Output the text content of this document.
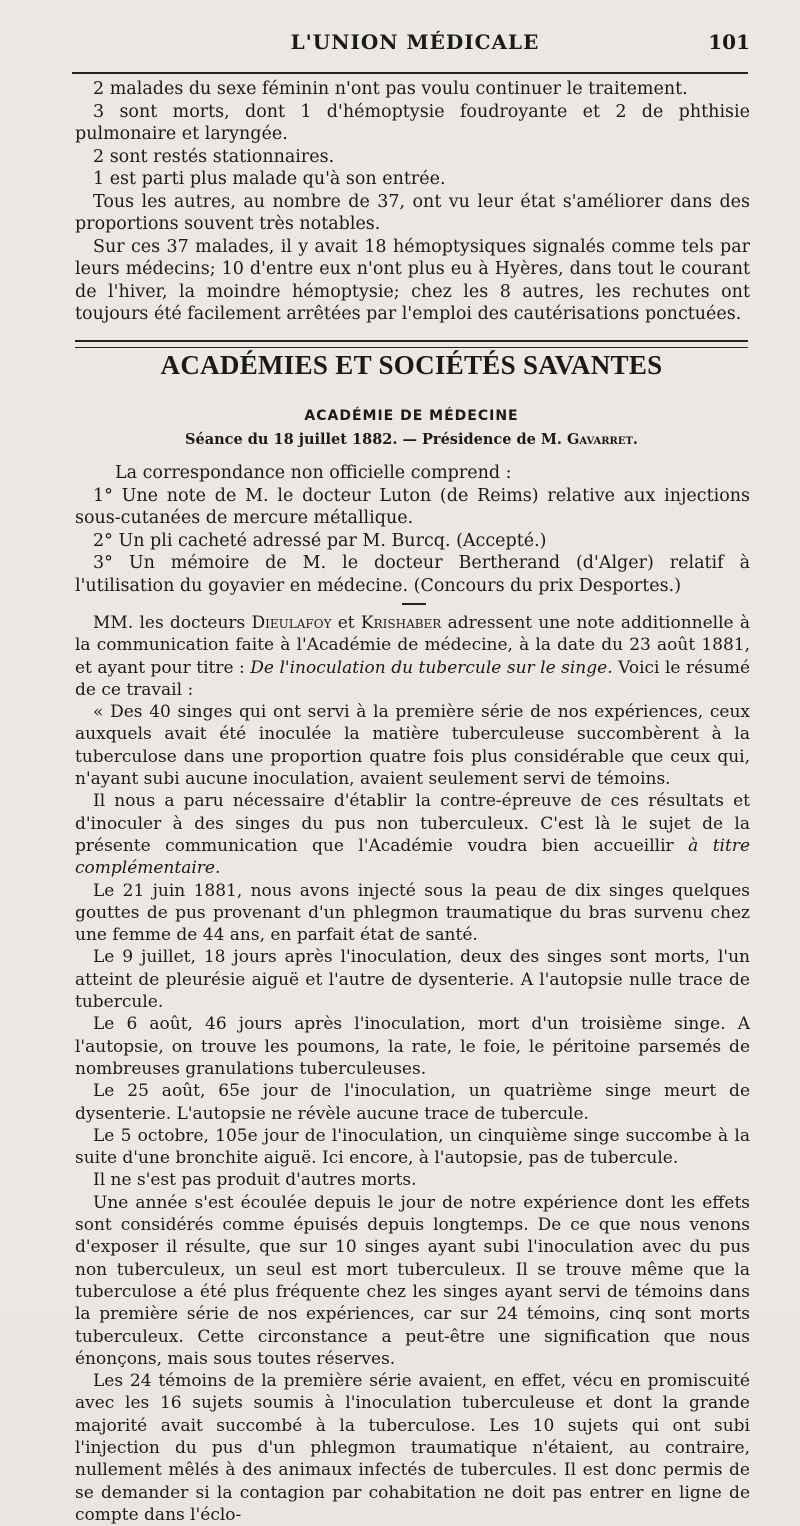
L'UNION MÉDICALE	101

2 malades du sexe féminin n'ont pas voulu continuer le traitement.

3 sont morts, dont 1 d'hémoptysie foudroyante et 2 de phthisie pulmonaire et laryngée.

2 sont restés stationnaires.

1 est parti plus malade qu'à son entrée.

Tous les autres, au nombre de 37, ont vu leur état s'améliorer dans des proportions souvent très notables.

Sur ces 37 malades, il y avait 18 hémoptysiques signalés comme tels par leurs médecins; 10 d'entre eux n'ont plus eu à Hyères, dans tout le courant de l'hiver, la moindre hémoptysie; chez les 8 autres, les rechutes ont toujours été facilement arrêtées par l'emploi des cautérisations ponctuées.

ACADÉMIES ET SOCIÉTÉS SAVANTES
ACADÉMIE DE MÉDECINE
Séance du 18 juillet 1882. — Présidence de M. Gavarret.

La correspondance non officielle comprend :

1° Une note de M. le docteur Luton (de Reims) relative aux injections sous-cutanées de mercure métallique.

2° Un pli cacheté adressé par M. Burcq. (Accepté.)

3° Un mémoire de M. le docteur Bertherand (d'Alger) relatif à l'utilisation du goyavier en médecine. (Concours du prix Desportes.)

MM. les docteurs Dieulafoy et Krishaber adressent une note additionnelle à la communication faite à l'Académie de médecine, à la date du 23 août 1881, et ayant pour titre : De l'inoculation du tubercule sur le singe. Voici le résumé de ce travail :

« Des 40 singes qui ont servi à la première série de nos expériences, ceux auxquels avait été inoculée la matière tuberculeuse succombèrent à la tuberculose dans une proportion quatre fois plus considérable que ceux qui, n'ayant subi aucune inoculation, avaient seulement servi de témoins.

Il nous a paru nécessaire d'établir la contre-épreuve de ces résultats et d'inoculer à des singes du pus non tuberculeux. C'est là le sujet de la présente communication que l'Académie voudra bien accueillir à titre complémentaire.

Le 21 juin 1881, nous avons injecté sous la peau de dix singes quelques gouttes de pus provenant d'un phlegmon traumatique du bras survenu chez une femme de 44 ans, en parfait état de santé.

Le 9 juillet, 18 jours après l'inoculation, deux des singes sont morts, l'un atteint de pleurésie aiguë et l'autre de dysenterie. A l'autopsie nulle trace de tubercule.

Le 6 août, 46 jours après l'inoculation, mort d'un troisième singe. A l'autopsie, on trouve les poumons, la rate, le foie, le péritoine parsemés de nombreuses granulations tuberculeuses.

Le 25 août, 65e jour de l'inoculation, un quatrième singe meurt de dysenterie. L'autopsie ne révèle aucune trace de tubercule.

Le 5 octobre, 105e jour de l'inoculation, un cinquième singe succombe à la suite d'une bronchite aiguë. Ici encore, à l'autopsie, pas de tubercule.

Il ne s'est pas produit d'autres morts.

Une année s'est écoulée depuis le jour de notre expérience dont les effets sont considérés comme épuisés depuis longtemps. De ce que nous venons d'exposer il résulte, que sur 10 singes ayant subi l'inoculation avec du pus non tuberculeux, un seul est mort tuberculeux. Il se trouve même que la tuberculose a été plus fréquente chez les singes ayant servi de témoins dans la première série de nos expériences, car sur 24 témoins, cinq sont morts tuberculeux. Cette circonstance a peut-être une signification que nous énonçons, mais sous toutes réserves.

Les 24 témoins de la première série avaient, en effet, vécu en promiscuité avec les 16 sujets soumis à l'inoculation tuberculeuse et dont la grande majorité avait succombé à la tuberculose. Les 10 sujets qui ont subi l'injection du pus d'un phlegmon traumatique n'étaient, au contraire, nullement mêlés à des animaux infectés de tubercules. Il est donc permis de se demander si la contagion par cohabitation ne doit pas entrer en ligne de compte dans l'éclo-
